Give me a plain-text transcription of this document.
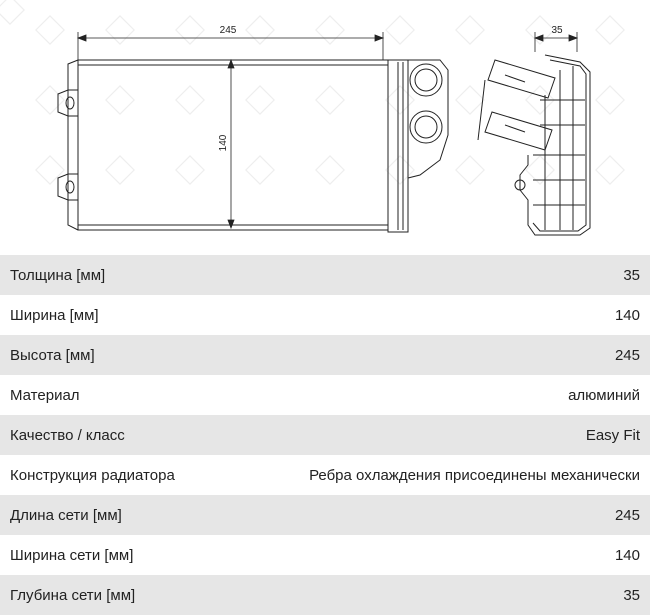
245
140
35
Толщина [мм]	35
Ширина [мм]	140
Высота [мм]	245
Материал	алюминий
Качество / класс	Easy Fit
Конструкция радиатора	Ребра охлаждения присоединены механически
Длина сети [мм]	245
Ширина сети [мм]	140
Глубина сети [мм]	35
